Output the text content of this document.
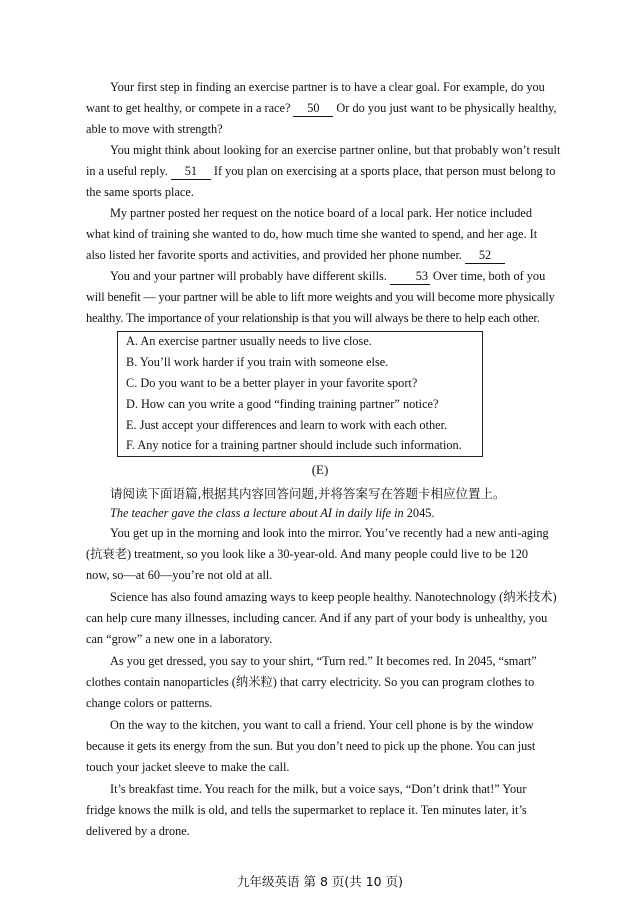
Your first step in finding an exercise partner is to have a clear goal. For example, do you
want to get healthy, or compete in a race? 50 Or do you just want to be physically healthy,
able to move with strength?

You might think about looking for an exercise partner online, but that probably won’t result
in a useful reply. 51 If you plan on exercising at a sports place, that person must belong to
the same sports place.

My partner posted her request on the notice board of a local park. Her notice included
what kind of training she wanted to do, how much time she wanted to spend, and her age. It
also listed her favorite sports and activities, and provided her phone number. 52

You and your partner will probably have different skills. 53 Over time, both of you
will benefit — your partner will be able to lift more weights and you will become more physically
healthy. The importance of your relationship is that you will always be there to help each other.

A. An exercise partner usually needs to live close.
B. You’ll work harder if you train with someone else.
C. Do you want to be a better player in your favorite sport?
D. How can you write a good “finding training partner” notice?
E. Just accept your differences and learn to work with each other.
F. Any notice for a training partner should include such information.
(E)
请阅读下面语篇,根据其内容回答问题,并将答案写在答题卡相应位置上。
The teacher gave the class a lecture about AI in daily life in 2045.

You get up in the morning and look into the mirror. You’ve recently had a new anti-aging
(抗衰老) treatment, so you look like a 30-year-old. And many people could live to be 120
now, so—at 60—you’re not old at all.

Science has also found amazing ways to keep people healthy. Nanotechnology (纳米技术)
can help cure many illnesses, including cancer. And if any part of your body is unhealthy, you
can “grow” a new one in a laboratory.

As you get dressed, you say to your shirt, “Turn red.” It becomes red. In 2045, “smart”
clothes contain nanoparticles (纳米粒) that carry electricity. So you can program clothes to
change colors or patterns.

On the way to the kitchen, you want to call a friend. Your cell phone is by the window
because it gets its energy from the sun. But you don’t need to pick up the phone. You can just
touch your jacket sleeve to make the call.

It’s breakfast time. You reach for the milk, but a voice says, “Don’t drink that!” Your
fridge knows the milk is old, and tells the supermarket to replace it. Ten minutes later, it’s
delivered by a drone.

九年级英语 第 8 页(共 10 页)
